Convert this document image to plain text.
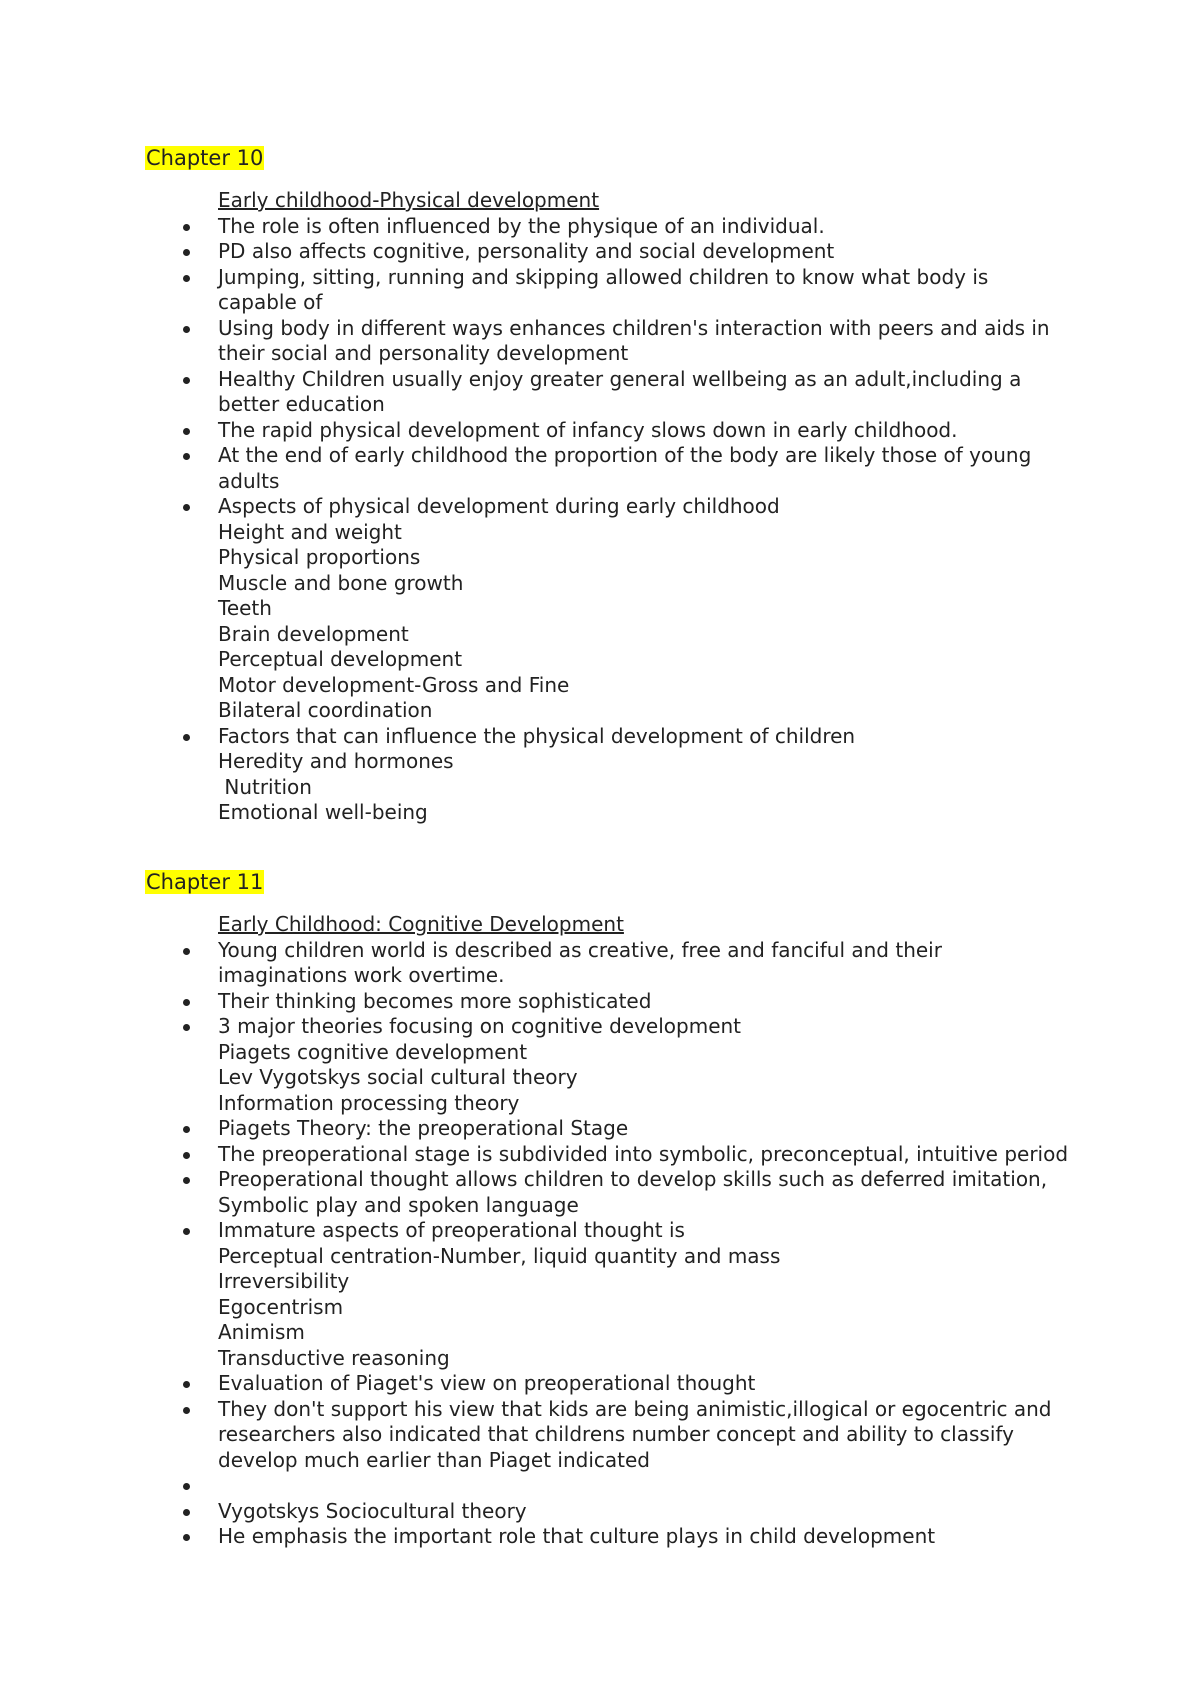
Chapter 10
Early childhood-Physical development
The role is often influenced by the physique of an individual.
PD also affects cognitive, personality and social development
Jumping, sitting, running and skipping allowed children to know what body is capable of
Using body in different ways enhances children's interaction with peers and aids in their social and personality development
Healthy Children usually enjoy greater general wellbeing as an adult,including a better education
The rapid physical development of infancy slows down in early childhood.
At the end of early childhood the proportion of the body are likely those of young adults
Aspects of physical development during early childhood
Height and weight
Physical proportions
Muscle and bone growth
Teeth
Brain development
Perceptual development
Motor development-Gross and Fine
Bilateral coordination
Factors that can influence the physical development of children
Heredity and hormones
Nutrition
Emotional well-being
Chapter 11
Early Childhood: Cognitive Development
Young children world is described as creative, free and fanciful and their imaginations work overtime.
Their thinking becomes more sophisticated
3 major theories focusing on cognitive development
Piagets cognitive development
Lev Vygotskys social cultural theory
Information processing theory
Piagets Theory: the preoperational Stage
The preoperational stage is subdivided into symbolic, preconceptual, intuitive period
Preoperational thought allows children to develop skills such as deferred imitation, Symbolic play and spoken language
Immature aspects of preoperational thought is
Perceptual centration-Number, liquid quantity and mass
Irreversibility
Egocentrism
Animism
Transductive reasoning
Evaluation of Piaget's view on preoperational thought
They don't support his view that kids are being animistic,illogical or egocentric and researchers also indicated that childrens number concept and ability to classify develop much earlier than Piaget indicated
Vygotskys Sociocultural theory
He emphasis the important role that culture plays in child development
